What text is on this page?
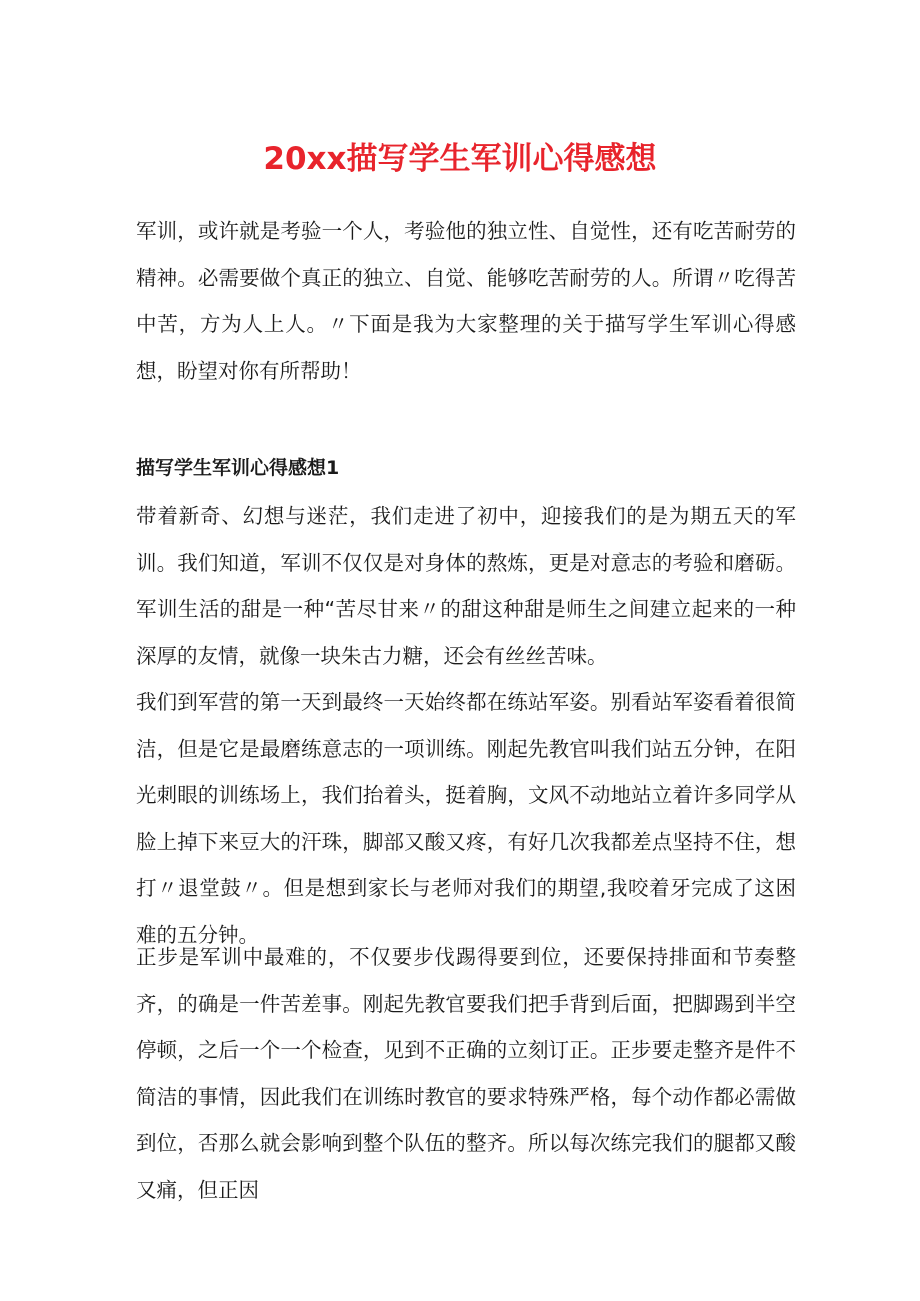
20xx描写学生军训心得感想

军训，或许就是考验一个人，考验他的独立性、自觉性，还有吃苦耐劳的精神。必需要做个真正的独立、自觉、能够吃苦耐劳的人。所谓〃吃得苦中苦，方为人上人。〃下面是我为大家整理的关于描写学生军训心得感想，盼望对你有所帮助！

描写学生军训心得感想1

带着新奇、幻想与迷茫，我们走进了初中，迎接我们的是为期五天的军训。我们知道，军训不仅仅是对身体的熬炼，更是对意志的考验和磨砺。军训生活的甜是一种“苦尽甘来〃的甜这种甜是师生之间建立起来的一种深厚的友情，就像一块朱古力糖，还会有丝丝苦味。

我们到军营的第一天到最终一天始终都在练站军姿。别看站军姿看着很简洁，但是它是最磨练意志的一项训练。刚起先教官叫我们站五分钟，在阳光刺眼的训练场上，我们抬着头，挺着胸，文风不动地站立着许多同学从脸上掉下来豆大的汗珠，脚部又酸又疼，有好几次我都差点坚持不住，想打〃退堂鼓〃。但是想到家长与老师对我们的期望,我咬着牙完成了这困难的五分钟。

正步是军训中最难的，不仅要步伐踢得要到位，还要保持排面和节奏整齐，的确是一件苦差事。刚起先教官要我们把手背到后面，把脚踢到半空停顿，之后一个一个检查，见到不正确的立刻订正。正步要走整齐是件不简洁的事情，因此我们在训练时教官的要求特殊严格，每个动作都必需做到位，否那么就会影响到整个队伍的整齐。所以每次练完我们的腿都又酸又痛，但正因
